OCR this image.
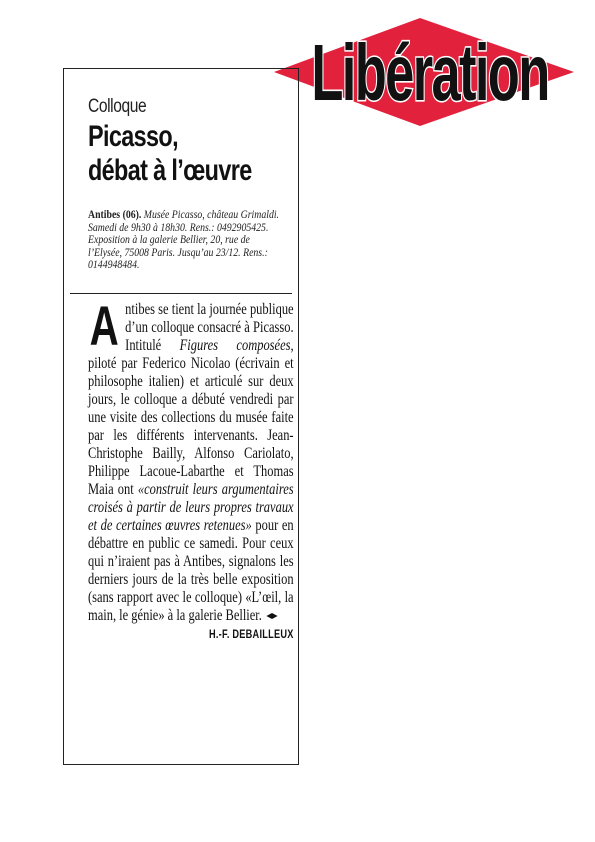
Libération
Colloque
Picasso,
débat à l’œuvre
Antibes (06). Musée Picasso, château Grimaldi. Samedi de 9h30 à 18h30. Rens.: 0492905425. Exposition à la galerie Bellier, 20, rue de l’Elysée, 75008 Paris. Jusqu’au 23/12. Rens.: 0144948484.
Antibes se tient la journée publique d’un colloque consacré à Picasso. Intitulé Figures composées, piloté par Federico Nicolao (écrivain et philosophe italien) et articulé sur deux jours, le colloque a débuté vendredi par une visite des collections du musée faite par les différents intervenants. Jean-Christophe Bailly, Alfonso Cariolato, Philippe Lacoue-Labarthe et Thomas Maia ont «construit leurs argumentaires croisés à partir de leurs propres travaux et de certaines œuvres retenues» pour en débattre en public ce samedi. Pour ceux qui n’iraient pas à Antibes, signalons les derniers jours de la très belle exposition (sans rapport avec le colloque) «L’œil, la main, le génie» à la galerie Bellier.
H.-F. DEBAILLEUX
